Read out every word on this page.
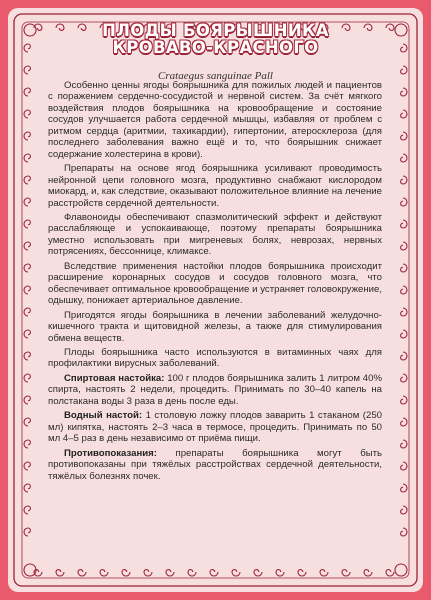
ПЛОДЫ БОЯРЫШНИКА
КРОВАВО-КРАСНОГО
Crataegus sanguinae Pall

Особенно ценны ягоды боярышника для пожилых людей и пациентов с поражением сердечно-сосудистой и нервной систем. За счёт мягкого воздействия плодов боярышника на кровообращение и состояние сосудов улучшается работа сердечной мышцы, избавляя от проблем с ритмом сердца (аритмии, тахикардии), гипертонии, атеросклероза (для последнего заболевания важно ещё и то, что боярышник снижает содержание холестерина в крови).

Препараты на основе ягод боярышника усиливают проводимость нейронной цепи головного мозга, продуктивно снабжают кислородом миокард, и, как следствие, оказывают положительное влияние на лечение расстройств сердечной деятельности.

Флавоноиды обеспечивают спазмолитический эффект и действуют расслабляюще и успокаивающе, поэтому препараты боярышника уместно использовать при мигреневых болях, неврозах, нервных потрясениях, бессоннице, климаксе.

Вследствие применения настойки плодов боярышника происходит расширение коронарных сосудов и сосудов головного мозга, что обеспечивает оптимальное кровообращение и устраняет головокружение, одышку, понижает артериальное давление.

Пригодятся ягоды боярышника в лечении заболеваний желудочно-кишечного тракта и щитовидной железы, а также для стимулирования обмена веществ.

Плоды боярышника часто используются в витаминных чаях для профилактики вирусных заболеваний.

Спиртовая настойка: 100 г плодов боярышника залить 1 литром 40% спирта, настоять 2 недели, процедить. Принимать по 30–40 капель на полстакана воды 3 раза в день после еды.

Водный настой: 1 столовую ложку плодов заварить 1 стаканом (250 мл) кипятка, настоять 2–3 часа в термосе, процедить. Принимать по 50 мл 4–5 раз в день независимо от приёма пищи.

Противопоказания: препараты боярышника могут быть противопоказаны при тяжёлых расстройствах сердечной деятельности, тяжёлых болезнях почек.
